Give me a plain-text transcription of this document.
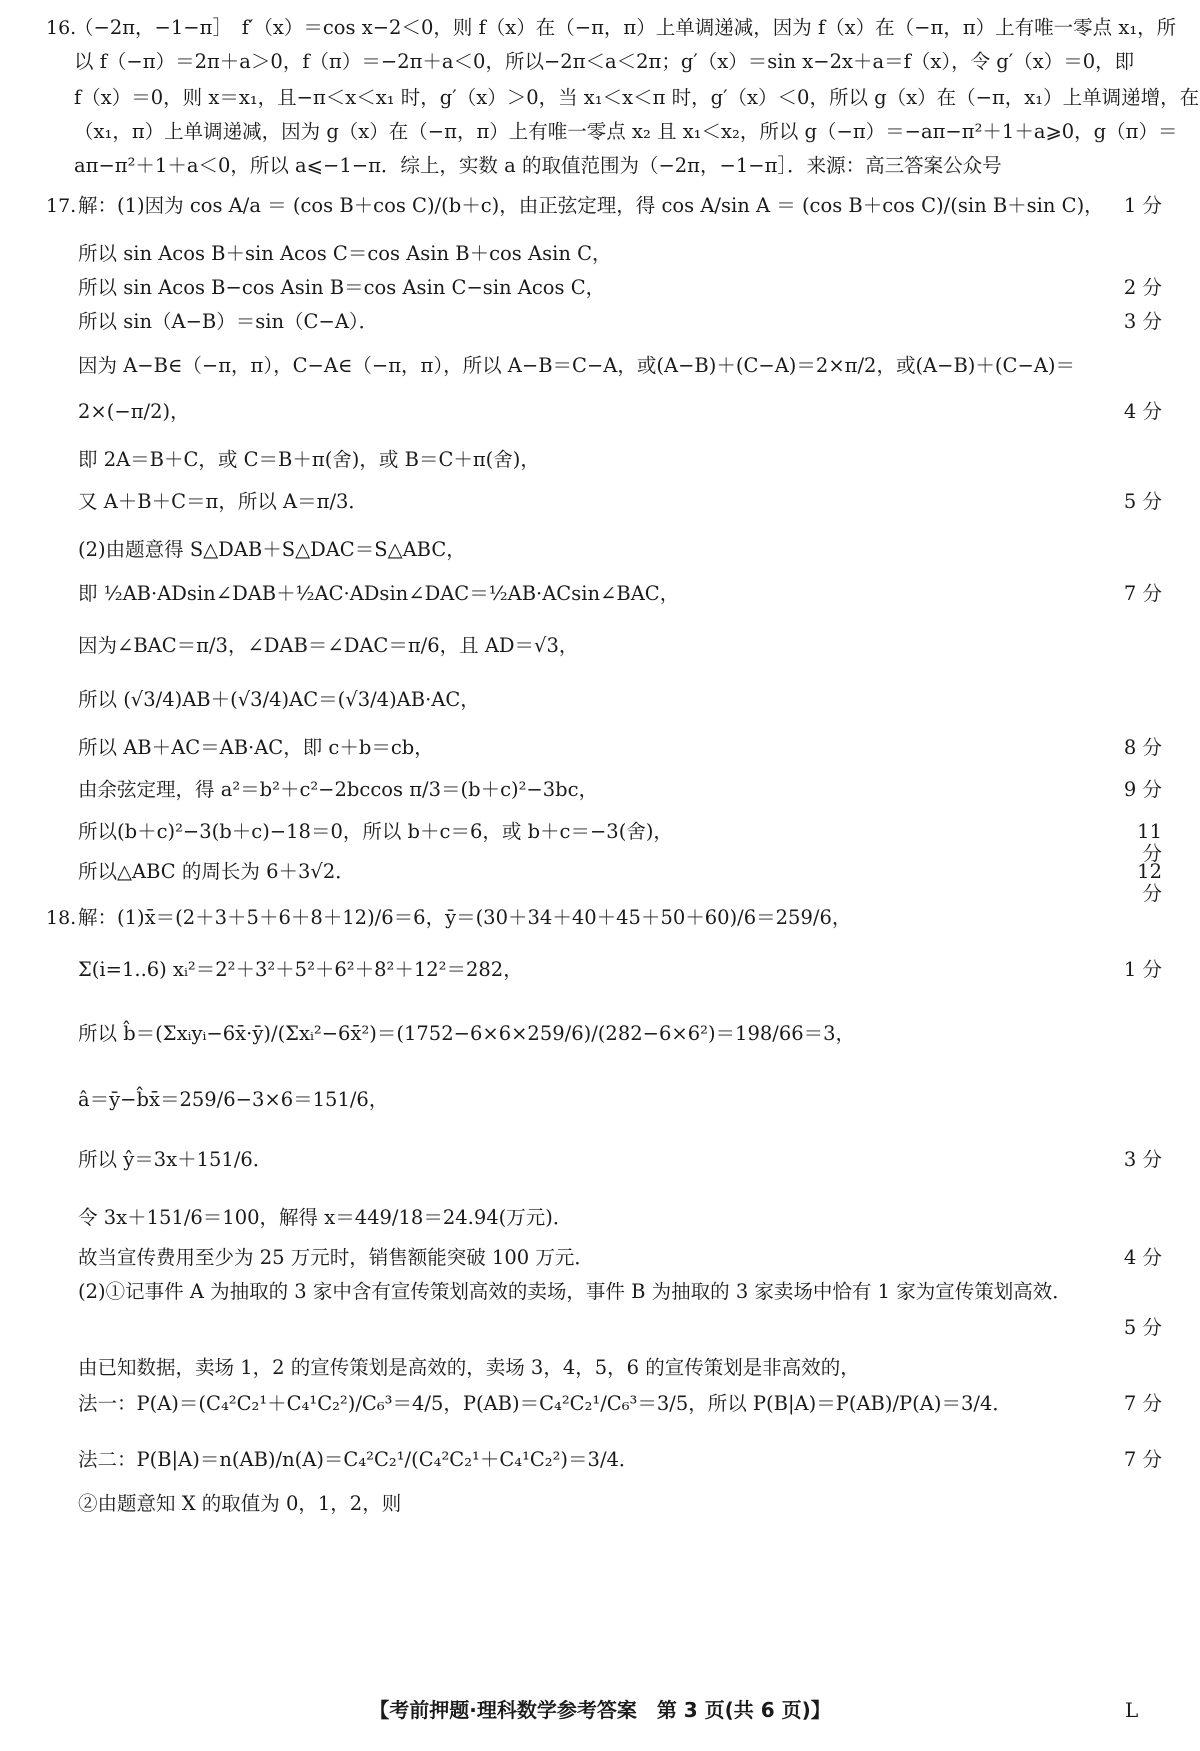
16.
（−2π，−1−π］　f′（x）＝cos x−2＜0，则 f（x）在（−π，π）上单调递减，因为 f（x）在（−π，π）上有唯一零点 x₁，所
以 f（−π）＝2π＋a＞0，f（π）＝−2π＋a＜0，所以−2π＜a＜2π；g′（x）＝sin x−2x＋a＝f（x），令 g′（x）＝0，即
f（x）＝0，则 x＝x₁，且−π＜x＜x₁ 时，g′（x）＞0，当 x₁＜x＜π 时，g′（x）＜0，所以 g（x）在（−π，x₁）上单调递增，在
（x₁，π）上单调递减，因为 g（x）在（−π，π）上有唯一零点 x₂ 且 x₁＜x₂，所以 g（−π）＝−aπ−π²＋1＋a⩾0，g（π）＝
aπ−π²＋1＋a＜0，所以 a⩽−1−π．综上，实数 a 的取值范围为（−2π，−1−π］．来源：高三答案公众号
17. 解：(1)因为 cos A/a ＝ (cos B＋cos C)/(b＋c)，由正弦定理，得 cos A/sin A ＝ (cos B＋cos C)/(sin B＋sin C)，	1 分
所以 sin Acos B＋sin Acos C＝cos Asin B＋cos Asin C，
所以 sin Acos B−cos Asin B＝cos Asin C−sin Acos C，	2 分
所以 sin（A−B）＝sin（C−A）．	3 分
因为 A−B∈（−π，π），C−A∈（−π，π），所以 A−B＝C−A，或(A−B)＋(C−A)＝2×π/2，或(A−B)＋(C−A)＝
2×(−π/2)，	4 分
即 2A＝B＋C，或 C＝B＋π(舍)，或 B＝C＋π(舍)，
又 A＋B＋C＝π，所以 A＝π/3．	5 分
(2)由题意得 S△DAB＋S△DAC＝S△ABC，
即 ½AB·ADsin∠DAB＋½AC·ADsin∠DAC＝½AB·ACsin∠BAC，	7 分
因为∠BAC＝π/3，∠DAB＝∠DAC＝π/6，且 AD＝√3，
所以 (√3/4)AB＋(√3/4)AC＝(√3/4)AB·AC，
所以 AB＋AC＝AB·AC，即 c＋b＝cb，	8 分
由余弦定理，得 a²＝b²＋c²−2bccos π/3＝(b＋c)²−3bc，	9 分
所以(b＋c)²−3(b＋c)−18＝0，所以 b＋c＝6，或 b＋c＝−3(舍)，	11 分
所以△ABC 的周长为 6＋3√2．	12 分
18. 解：(1)x̄＝(2＋3＋5＋6＋8＋12)/6＝6，ȳ＝(30＋34＋40＋45＋50＋60)/6＝259/6，
Σ(i=1..6) xᵢ²＝2²＋3²＋5²＋6²＋8²＋12²＝282，	1 分
所以 b̂＝(Σxᵢyᵢ−6x̄·ȳ)/(Σxᵢ²−6x̄²)＝(1752−6×6×259/6)/(282−6×6²)＝198/66＝3，
â＝ȳ−b̂x̄＝259/6−3×6＝151/6，
所以 ŷ＝3x＋151/6．	3 分
令 3x＋151/6＝100，解得 x＝449/18＝24.94̇(万元)．
故当宣传费用至少为 25 万元时，销售额能突破 100 万元．	4 分
(2)①记事件 A 为抽取的 3 家中含有宣传策划高效的卖场，事件 B 为抽取的 3 家卖场中恰有 1 家为宣传策划高效．
5 分
由已知数据，卖场 1，2 的宣传策划是高效的，卖场 3，4，5，6 的宣传策划是非高效的，
法一：P(A)＝(C₄²C₂¹＋C₄¹C₂²)/C₆³＝4/5，P(AB)＝C₄²C₂¹/C₆³＝3/5，所以 P(B|A)＝P(AB)/P(A)＝3/4．	7 分
法二：P(B|A)＝n(AB)/n(A)＝C₄²C₂¹/(C₄²C₂¹＋C₄¹C₂²)＝3/4．	7 分
②由题意知 X 的取值为 0，1，2，则
【考前押题·理科数学参考答案　第 3 页(共 6 页)】	L
